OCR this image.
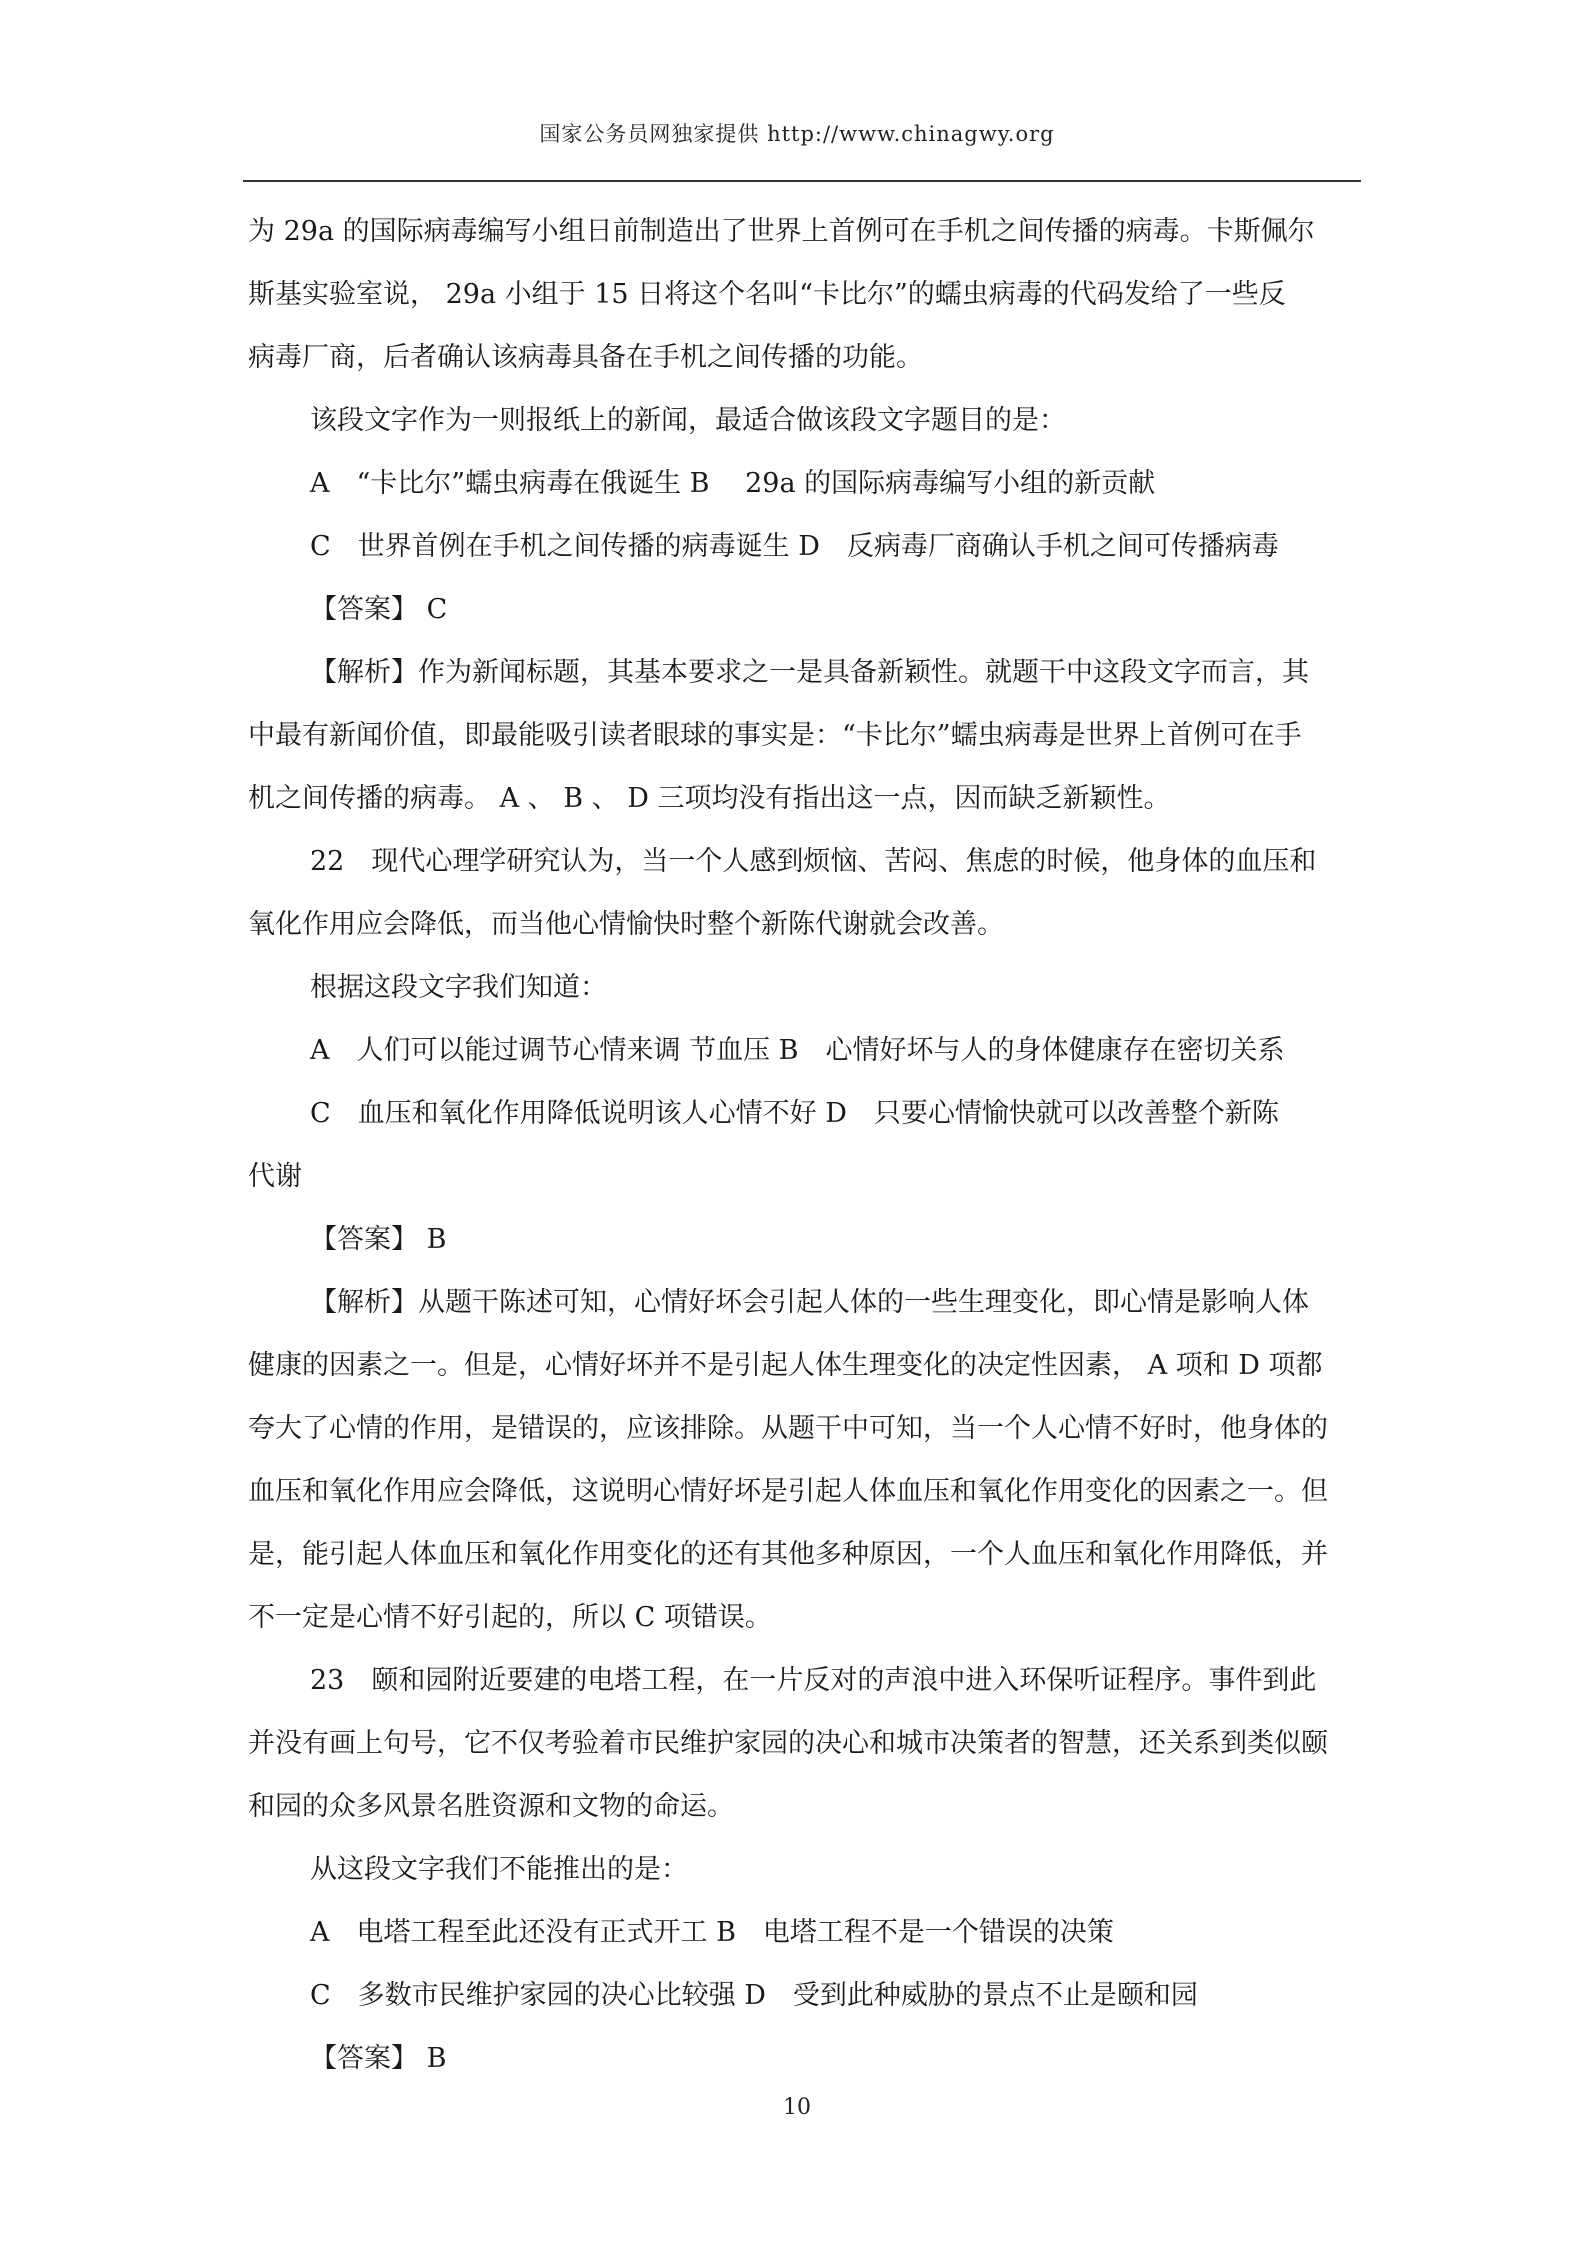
国家公务员网独家提供 http://www.chinagwy.org
为 29a 的国际病毒编写小组日前制造出了世界上首例可在手机之间传播的病毒。卡斯佩尔
斯基实验室说， 29a 小组于 15 日将这个名叫“卡比尔”的蠕虫病毒的代码发给了一些反
病毒厂商，后者确认该病毒具备在手机之间传播的功能。
该段文字作为一则报纸上的新闻，最适合做该段文字题目的是：
A　“卡比尔”蠕虫病毒在俄诞生 B　 29a 的国际病毒编写小组的新贡献
C　世界首例在手机之间传播的病毒诞生 D　反病毒厂商确认手机之间可传播病毒
【答案】 C
【解析】作为新闻标题，其基本要求之一是具备新颖性。就题干中这段文字而言，其
中最有新闻价值，即最能吸引读者眼球的事实是：“卡比尔”蠕虫病毒是世界上首例可在手
机之间传播的病毒。 A 、 B 、 D 三项均没有指出这一点，因而缺乏新颖性。
22　现代心理学研究认为，当一个人感到烦恼、苦闷、焦虑的时候，他身体的血压和
氧化作用应会降低，而当他心情愉快时整个新陈代谢就会改善。
根据这段文字我们知道：
A　人们可以能过调节心情来调 节血压 B　心情好坏与人的身体健康存在密切关系
C　血压和氧化作用降低说明该人心情不好 D　只要心情愉快就可以改善整个新陈
代谢
【答案】 B
【解析】从题干陈述可知，心情好坏会引起人体的一些生理变化，即心情是影响人体
健康的因素之一。但是，心情好坏并不是引起人体生理变化的决定性因素， A 项和 D 项都
夸大了心情的作用，是错误的，应该排除。从题干中可知，当一个人心情不好时，他身体的
血压和氧化作用应会降低，这说明心情好坏是引起人体血压和氧化作用变化的因素之一。但
是，能引起人体血压和氧化作用变化的还有其他多种原因，一个人血压和氧化作用降低，并
不一定是心情不好引起的，所以 C 项错误。
23　颐和园附近要建的电塔工程，在一片反对的声浪中进入环保听证程序。事件到此
并没有画上句号，它不仅考验着市民维护家园的决心和城市决策者的智慧，还关系到类似颐
和园的众多风景名胜资源和文物的命运。
从这段文字我们不能推出的是：
A　电塔工程至此还没有正式开工 B　电塔工程不是一个错误的决策
C　多数市民维护家园的决心比较强 D　受到此种威胁的景点不止是颐和园
【答案】 B
10
